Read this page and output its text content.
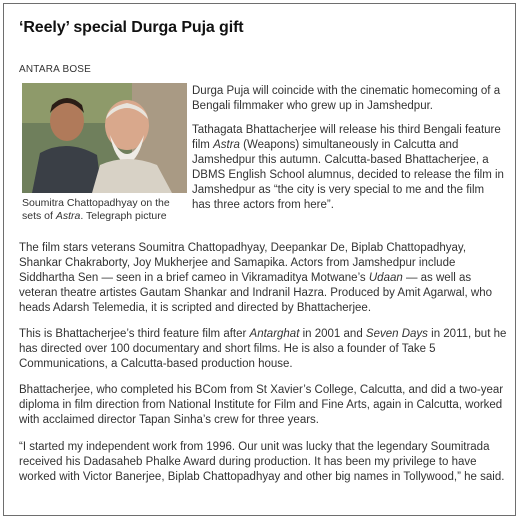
‘Reely’ special Durga Puja gift
ANTARA BOSE
Soumitra Chattopadhyay on the sets of Astra. Telegraph picture

Durga Puja will coincide with the cinematic homecoming of a Bengali filmmaker who grew up in Jamshedpur.

Tathagata Bhattacherjee will release his third Bengali feature film Astra (Weapons) simultaneously in Calcutta and Jamshedpur this autumn. Calcutta-based Bhattacherjee, a DBMS English School alumnus, decided to release the film in Jamshedpur as “the city is very special to me and the film has three actors from here”.

The film stars veterans Soumitra Chattopadhyay, Deepankar De, Biplab Chattopadhyay, Shankar Chakraborty, Joy Mukherjee and Samapika. Actors from Jamshedpur include Siddhartha Sen — seen in a brief cameo in Vikramaditya Motwane’s Udaan — as well as veteran theatre artistes Gautam Shankar and Indranil Hazra. Produced by Amit Agarwal, who heads Adarsh Telemedia, it is scripted and directed by Bhattacherjee.

This is Bhattacherjee’s third feature film after Antarghat in 2001 and Seven Days in 2011, but he has directed over 100 documentary and short films. He is also a founder of Take 5 Communications, a Calcutta-based production house.

Bhattacherjee, who completed his BCom from St Xavier’s College, Calcutta, and did a two-year diploma in film direction from National Institute for Film and Fine Arts, again in Calcutta, worked with acclaimed director Tapan Sinha’s crew for three years.

“I started my independent work from 1996. Our unit was lucky that the legendary Soumitrada received his Dadasaheb Phalke Award during production. It has been my privilege to have worked with Victor Banerjee, Biplab Chattopadhyay and other big names in Tollywood,” he said.
